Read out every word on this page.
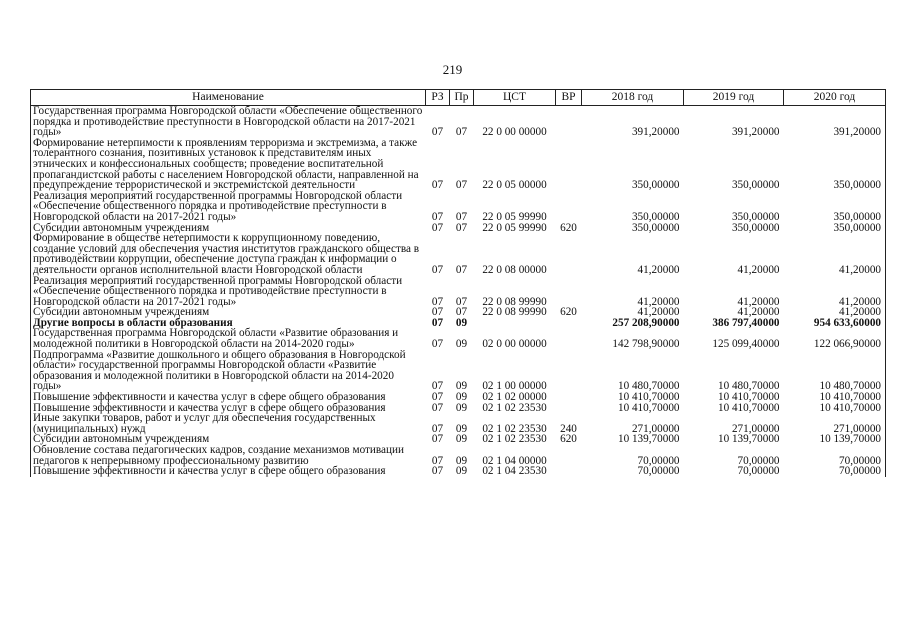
219
Наименование	РЗ	Пр	ЦСТ	ВР	2018 год	2019 год	2020 год
Государственная программа Новгородской области «Обеспечение общественного порядка и противодействие преступности в Новгородской области на 2017-2021 годы»	07	07	22 0 00 00000		391,20000	391,20000	391,20000
Формирование нетерпимости к проявлениям терроризма и экстремизма, а также толерантного сознания, позитивных установок к представителям иных этнических и конфессиональных сообществ; проведение воспитательной пропагандистской работы с населением Новгородской области, направленной на предупреждение террористической и экстремистской деятельности	07	07	22 0 05 00000		350,00000	350,00000	350,00000
Реализация мероприятий государственной программы Новгородской области «Обеспечение общественного порядка и противодействие преступности в Новгородской области на 2017-2021 годы»	07	07	22 0 05 99990		350,00000	350,00000	350,00000
Субсидии автономным учреждениям	07	07	22 0 05 99990	620	350,00000	350,00000	350,00000
Формирование в обществе нетерпимости к коррупционному поведению, создание условий для обеспечения участия институтов гражданского общества в противодействии коррупции, обеспечение доступа граждан к информации о деятельности органов исполнительной власти Новгородской области	07	07	22 0 08 00000		41,20000	41,20000	41,20000
Реализация мероприятий государственной программы Новгородской области «Обеспечение общественного порядка и противодействие преступности в Новгородской области на 2017-2021 годы»	07	07	22 0 08 99990		41,20000	41,20000	41,20000
Субсидии автономным учреждениям	07	07	22 0 08 99990	620	41,20000	41,20000	41,20000
Другие вопросы в области образования	07	09			257 208,90000	386 797,40000	954 633,60000
Государственная программа Новгородской области «Развитие образования и молодежной политики в Новгородской области на 2014-2020 годы»	07	09	02 0 00 00000		142 798,90000	125 099,40000	122 066,90000
Подпрограмма «Развитие дошкольного и общего образования в Новгородской области» государственной программы Новгородской области «Развитие образования и молодежной политики в Новгородской области на 2014-2020 годы»	07	09	02 1 00 00000		10 480,70000	10 480,70000	10 480,70000
Повышение эффективности и качества услуг в сфере общего образования	07	09	02 1 02 00000		10 410,70000	10 410,70000	10 410,70000
Повышение эффективности и качества услуг в сфере общего образования	07	09	02 1 02 23530		10 410,70000	10 410,70000	10 410,70000
Иные закупки товаров, работ и услуг для обеспечения государственных (муниципальных) нужд	07	09	02 1 02 23530	240	271,00000	271,00000	271,00000
Субсидии автономным учреждениям	07	09	02 1 02 23530	620	10 139,70000	10 139,70000	10 139,70000
Обновление состава педагогических кадров, создание механизмов мотивации педагогов к непрерывному профессиональному развитию	07	09	02 1 04 00000		70,00000	70,00000	70,00000
Повышение эффективности и качества услуг в сфере общего образования	07	09	02 1 04 23530		70,00000	70,00000	70,00000
